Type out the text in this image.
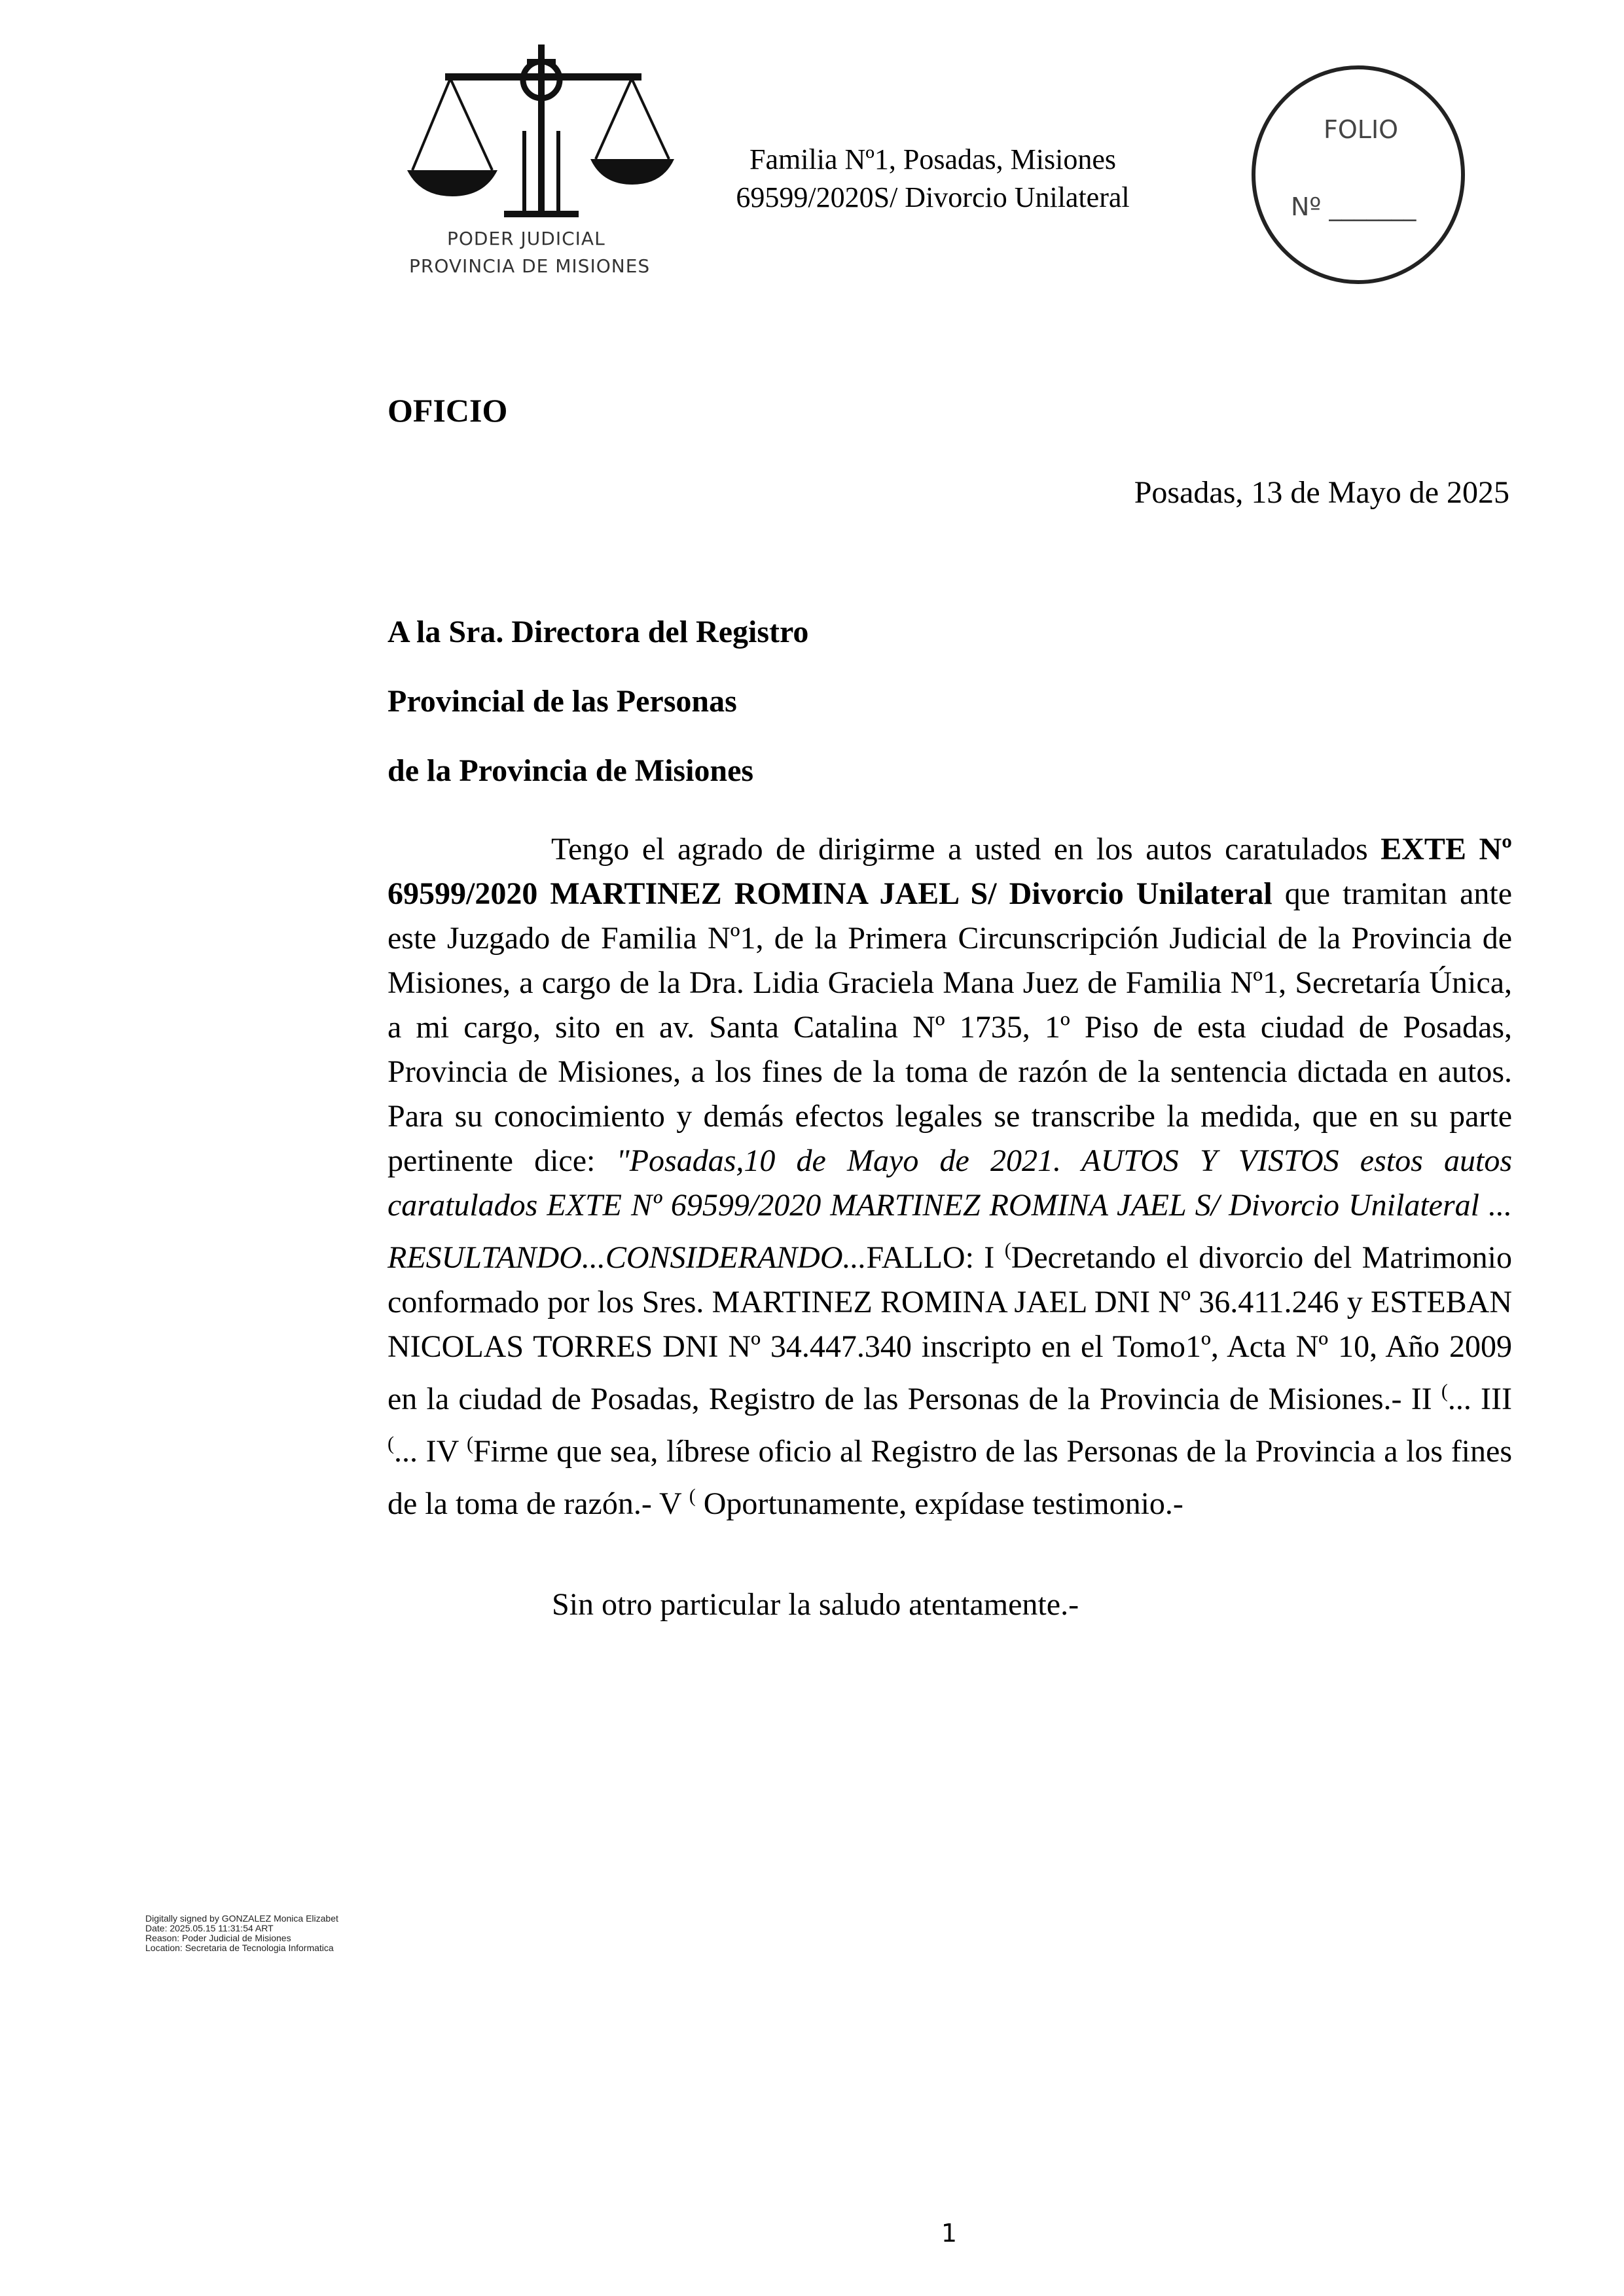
PODER JUDICIAL
PROVINCIA DE MISIONES
Familia Nº1, Posadas, Misiones
69599/2020S/ Divorcio Unilateral
FOLIO
Nº _______
OFICIO
Posadas, 13 de Mayo de 2025
A la Sra. Directora del Registro
Provincial de las Personas
de la Provincia de Misiones

Tengo el agrado de dirigirme a usted en los autos caratulados EXTE Nº 69599/2020 MARTINEZ ROMINA JAEL S/ Divorcio Unilateral que tramitan ante este Juzgado de Familia Nº1, de la Primera Circunscripción Judicial de la Provincia de Misiones, a cargo de la Dra. Lidia Graciela Mana Juez de Familia Nº1, Secretaría Única, a mi cargo, sito en av. Santa Catalina Nº 1735, 1º Piso de esta ciudad de Posadas, Provincia de Misiones, a los fines de la toma de razón de la sentencia dictada en autos. Para su conocimiento y demás efectos legales se transcribe la medida, que en su parte pertinente dice: "Posadas,10 de Mayo de 2021. AUTOS Y VISTOS estos autos caratulados EXTE Nº 69599/2020 MARTINEZ ROMINA JAEL S/ Divorcio Unilateral ... RESULTANDO...CONSIDERANDO...FALLO: I (Decretando el divorcio del Matrimonio conformado por los Sres. MARTINEZ ROMINA JAEL DNI Nº 36.411.246 y ESTEBAN NICOLAS TORRES DNI Nº 34.447.340 inscripto en el Tomo1º, Acta Nº 10, Año 2009 en la ciudad de Posadas, Registro de las Personas de la Provincia de Misiones.- II (... III (... IV (Firme que sea, líbrese oficio al Registro de las Personas de la Provincia a los fines de la toma de razón.- V ( Oportunamente, expídase testimonio.-

Sin otro particular la saludo atentamente.-
Digitally signed by GONZALEZ Monica Elizabet
Date: 2025.05.15 11:31:54 ART
Reason: Poder Judicial de Misiones
Location: Secretaria de Tecnologia Informatica
1
